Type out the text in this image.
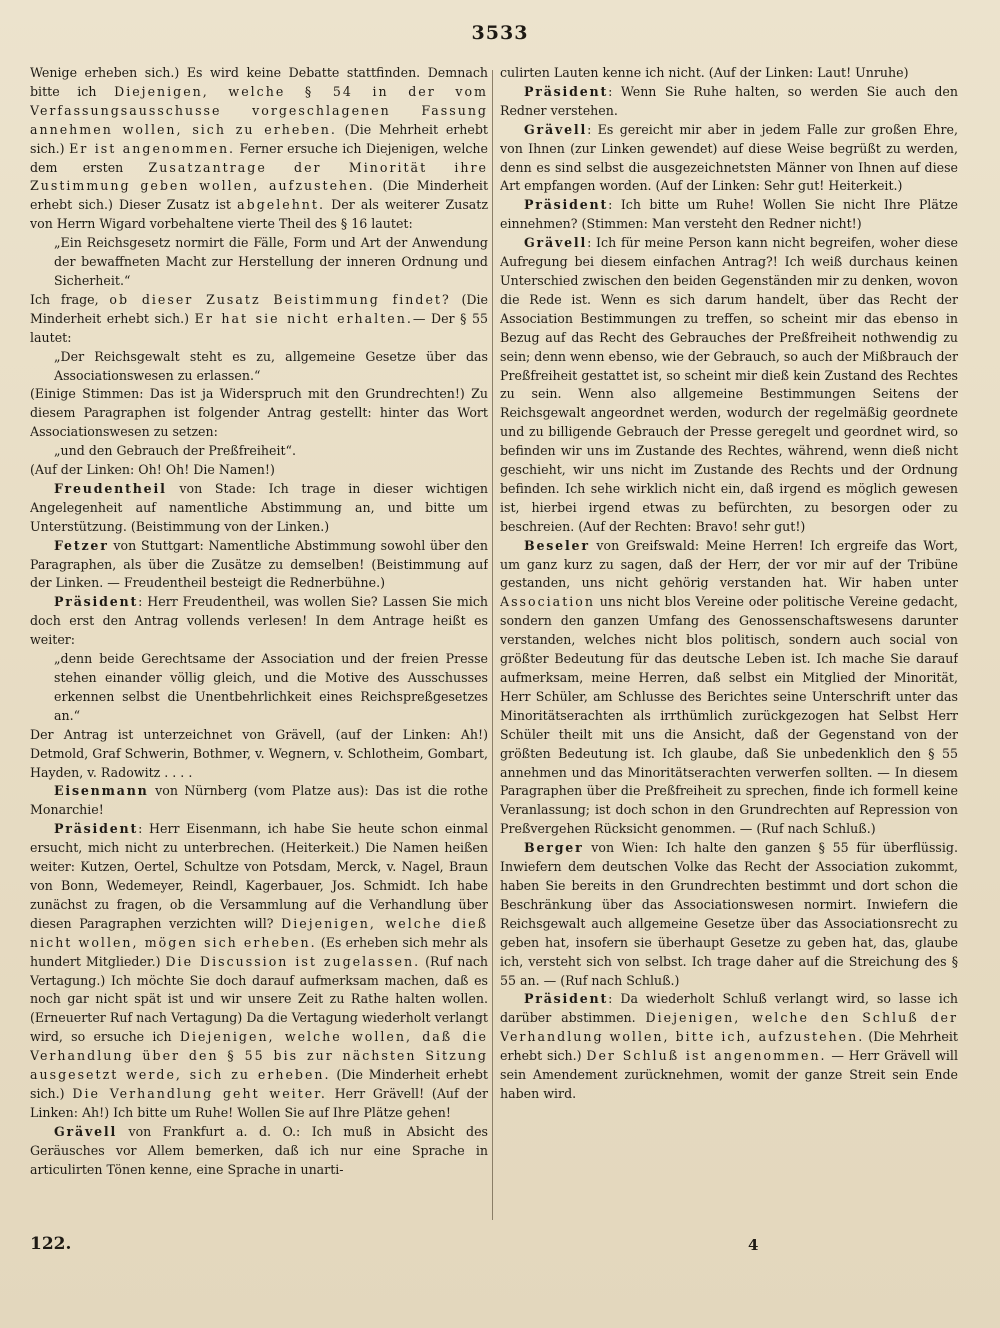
3533

Wenige erheben sich.) Es wird keine Debatte stattfinden. Demnach bitte ich Diejenigen, welche § 54 in der vom Verfassungsausschusse vorgeschlagenen Fassung annehmen wollen, sich zu erheben. (Die Mehrheit erhebt sich.) Er ist angenommen. Ferner ersuche ich Diejenigen, welche dem ersten Zusatzantrage der Minorität ihre Zustimmung geben wollen, aufzustehen. (Die Minderheit erhebt sich.) Dieser Zusatz ist abgelehnt. Der als weiterer Zusatz von Herrn Wigard vorbehaltene vierte Theil des § 16 lautet:

„Ein Reichsgesetz normirt die Fälle, Form und Art der Anwendung der bewaffneten Macht zur Herstellung der inneren Ordnung und Sicherheit.“

Ich frage, ob dieser Zusatz Beistimmung findet? (Die Minderheit erhebt sich.) Er hat sie nicht erhalten.— Der § 55 lautet:

„Der Reichsgewalt steht es zu, allgemeine Gesetze über das Associationswesen zu erlassen.“

(Einige Stimmen: Das ist ja Widerspruch mit den Grundrechten!) Zu diesem Paragraphen ist folgender Antrag gestellt: hinter das Wort Associationswesen zu setzen:

„und den Gebrauch der Preßfreiheit“.

(Auf der Linken: Oh! Oh! Die Namen!)

Freudentheil von Stade: Ich trage in dieser wichtigen Angelegenheit auf namentliche Abstimmung an, und bitte um Unterstützung. (Beistimmung von der Linken.)

Fetzer von Stuttgart: Namentliche Abstimmung sowohl über den Paragraphen, als über die Zusätze zu demselben! (Beistimmung auf der Linken. — Freudentheil besteigt die Rednerbühne.)

Präsident: Herr Freudentheil, was wollen Sie? Lassen Sie mich doch erst den Antrag vollends verlesen! In dem Antrage heißt es weiter:

„denn beide Gerechtsame der Association und der freien Presse stehen einander völlig gleich, und die Motive des Ausschusses erkennen selbst die Unentbehrlichkeit eines Reichspreßgesetzes an.“

Der Antrag ist unterzeichnet von Grävell, (auf der Linken: Ah!) Detmold, Graf Schwerin, Bothmer, v. Wegnern, v. Schlotheim, Gombart, Hayden, v. Radowitz . . . .

Eisenmann von Nürnberg (vom Platze aus): Das ist die rothe Monarchie!

Präsident: Herr Eisenmann, ich habe Sie heute schon einmal ersucht, mich nicht zu unterbrechen. (Heiterkeit.) Die Namen heißen weiter: Kutzen, Oertel, Schultze von Potsdam, Merck, v. Nagel, Braun von Bonn, Wedemeyer, Reindl, Kagerbauer, Jos. Schmidt. Ich habe zunächst zu fragen, ob die Versammlung auf die Verhandlung über diesen Paragraphen verzichten will? Diejenigen, welche dieß nicht wollen, mögen sich erheben. (Es erheben sich mehr als hundert Mitglieder.) Die Discussion ist zugelassen. (Ruf nach Vertagung.) Ich möchte Sie doch darauf aufmerksam machen, daß es noch gar nicht spät ist und wir unsere Zeit zu Rathe halten wollen. (Erneuerter Ruf nach Vertagung) Da die Vertagung wiederholt verlangt wird, so ersuche ich Diejenigen, welche wollen, daß die Verhandlung über den § 55 bis zur nächsten Sitzung ausgesetzt werde, sich zu erheben. (Die Minderheit erhebt sich.) Die Verhandlung geht weiter. Herr Grävell! (Auf der Linken: Ah!) Ich bitte um Ruhe! Wollen Sie auf Ihre Plätze gehen!

Grävell von Frankfurt a. d. O.: Ich muß in Absicht des Geräusches vor Allem bemerken, daß ich nur eine Sprache in articulirten Tönen kenne, eine Sprache in unarti-

culirten Lauten kenne ich nicht. (Auf der Linken: Laut! Unruhe)

Präsident: Wenn Sie Ruhe halten, so werden Sie auch den Redner verstehen.

Grävell: Es gereicht mir aber in jedem Falle zur großen Ehre, von Ihnen (zur Linken gewendet) auf diese Weise begrüßt zu werden, denn es sind selbst die ausgezeichnetsten Männer von Ihnen auf diese Art empfangen worden. (Auf der Linken: Sehr gut! Heiterkeit.)

Präsident: Ich bitte um Ruhe! Wollen Sie nicht Ihre Plätze einnehmen? (Stimmen: Man versteht den Redner nicht!)

Grävell: Ich für meine Person kann nicht begreifen, woher diese Aufregung bei diesem einfachen Antrag?! Ich weiß durchaus keinen Unterschied zwischen den beiden Gegenständen mir zu denken, wovon die Rede ist. Wenn es sich darum handelt, über das Recht der Association Bestimmungen zu treffen, so scheint mir das ebenso in Bezug auf das Recht des Gebrauches der Preßfreiheit nothwendig zu sein; denn wenn ebenso, wie der Gebrauch, so auch der Mißbrauch der Preßfreiheit gestattet ist, so scheint mir dieß kein Zustand des Rechtes zu sein. Wenn also allgemeine Bestimmungen Seitens der Reichsgewalt angeordnet werden, wodurch der regelmäßig geordnete und zu billigende Gebrauch der Presse geregelt und geordnet wird, so befinden wir uns im Zustande des Rechtes, während, wenn dieß nicht geschieht, wir uns nicht im Zustande des Rechts und der Ordnung befinden. Ich sehe wirklich nicht ein, daß irgend es möglich gewesen ist, hierbei irgend etwas zu befürchten, zu besorgen oder zu beschreien. (Auf der Rechten: Bravo! sehr gut!)

Beseler von Greifswald: Meine Herren! Ich ergreife das Wort, um ganz kurz zu sagen, daß der Herr, der vor mir auf der Tribüne gestanden, uns nicht gehörig verstanden hat. Wir haben unter Association uns nicht blos Vereine oder politische Vereine gedacht, sondern den ganzen Umfang des Genossenschaftswesens darunter verstanden, welches nicht blos politisch, sondern auch social von größter Bedeutung für das deutsche Leben ist. Ich mache Sie darauf aufmerksam, meine Herren, daß selbst ein Mitglied der Minorität, Herr Schüler, am Schlusse des Berichtes seine Unterschrift unter das Minoritätserachten als irrthümlich zurückgezogen hat Selbst Herr Schüler theilt mit uns die Ansicht, daß der Gegenstand von der größten Bedeutung ist. Ich glaube, daß Sie unbedenklich den § 55 annehmen und das Minoritätserachten verwerfen sollten. — In diesem Paragraphen über die Preßfreiheit zu sprechen, finde ich formell keine Veranlassung; ist doch schon in den Grundrechten auf Repression von Preßvergehen Rücksicht genommen. — (Ruf nach Schluß.)

Berger von Wien: Ich halte den ganzen § 55 für überflüssig. Inwiefern dem deutschen Volke das Recht der Association zukommt, haben Sie bereits in den Grundrechten bestimmt und dort schon die Beschränkung über das Associationswesen normirt. Inwiefern die Reichsgewalt auch allgemeine Gesetze über das Associationsrecht zu geben hat, insofern sie überhaupt Gesetze zu geben hat, das, glaube ich, versteht sich von selbst. Ich trage daher auf die Streichung des § 55 an. — (Ruf nach Schluß.)

Präsident: Da wiederholt Schluß verlangt wird, so lasse ich darüber abstimmen. Diejenigen, welche den Schluß der Verhandlung wollen, bitte ich, aufzustehen. (Die Mehrheit erhebt sich.) Der Schluß ist angenommen. — Herr Grävell will sein Amendement zurücknehmen, womit der ganze Streit sein Ende haben wird.

122.	4
